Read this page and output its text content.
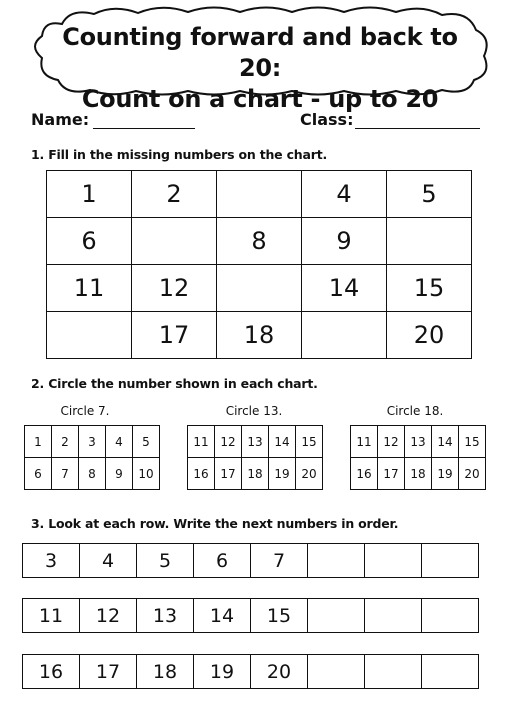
Counting forward and back to 20:
Count on a chart - up to 20
Name:	Class:
1. Fill in the missing numbers on the chart.
1	2		4	5
6		8	9	
11	12		14	15
	17	18		20
2. Circle the number shown in each chart.
Circle 7.
1	2	3	4	5
6	7	8	9	10
Circle 13.
11	12	13	14	15
16	17	18	19	20
Circle 18.
11	12	13	14	15
16	17	18	19	20
3. Look at each row. Write the next numbers in order.
3	4	5	6	7			
11	12	13	14	15			
16	17	18	19	20			
